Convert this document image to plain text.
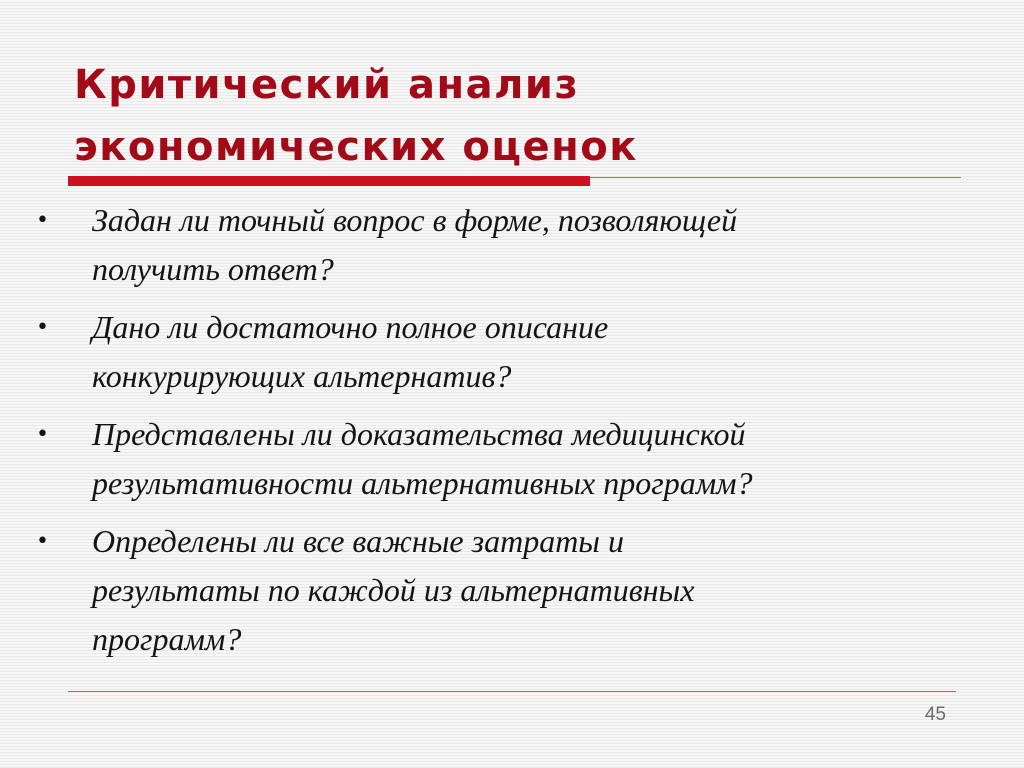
Критический анализ
экономических оценок
• Задан ли точный вопрос в форме, позволяющей
получить ответ?
• Дано ли достаточно полное описание
конкурирующих альтернатив?
• Представлены ли доказательства медицинской
результативности альтернативных программ?
• Определены ли все важные затраты и
результаты по каждой из альтернативных
программ?
45
